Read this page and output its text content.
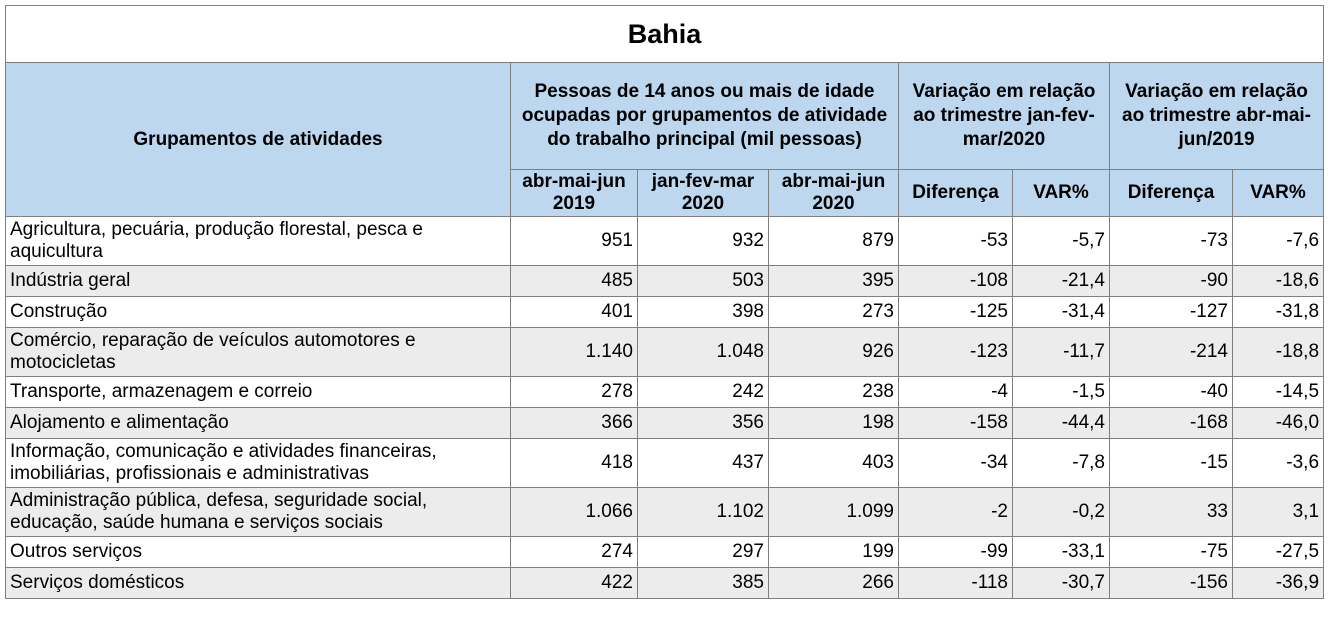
Bahia							
Grupamentos de atividades	Pessoas de 14 anos ou mais de idade ocupadas por grupamentos de atividade do trabalho principal (mil pessoas)			Variação em relação ao trimestre jan-fev-mar/2020		Variação em relação ao trimestre abr-mai-jun/2019	
	abr-mai-jun 2019	jan-fev-mar 2020	abr-mai-jun 2020	Diferença	VAR%	Diferença	VAR%
Agricultura, pecuária, produção florestal, pesca e aquicultura	951	932	879	-53	-5,7	-73	-7,6
Indústria geral	485	503	395	-108	-21,4	-90	-18,6
Construção	401	398	273	-125	-31,4	-127	-31,8
Comércio, reparação de veículos automotores e motocicletas	1.140	1.048	926	-123	-11,7	-214	-18,8
Transporte, armazenagem e correio	278	242	238	-4	-1,5	-40	-14,5
Alojamento e alimentação	366	356	198	-158	-44,4	-168	-46,0
Informação, comunicação e atividades financeiras, imobiliárias, profissionais e administrativas	418	437	403	-34	-7,8	-15	-3,6
Administração pública, defesa, seguridade social, educação, saúde humana e serviços sociais	1.066	1.102	1.099	-2	-0,2	33	3,1
Outros serviços	274	297	199	-99	-33,1	-75	-27,5
Serviços domésticos	422	385	266	-118	-30,7	-156	-36,9
